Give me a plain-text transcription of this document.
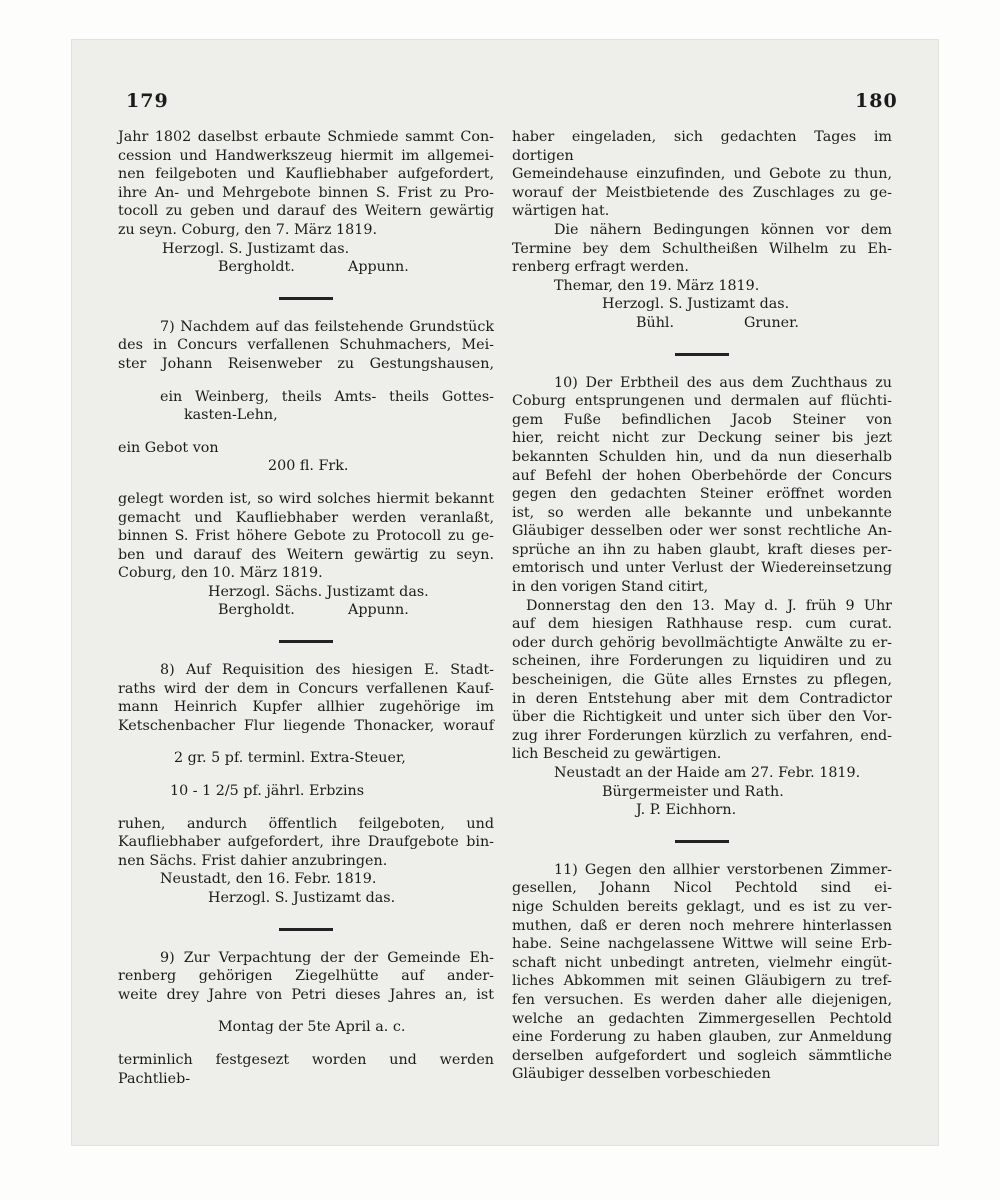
179	180

Jahr 1802 daselbst erbaute Schmiede sammt Con-

cession und Handwerkszeug hiermit im allgemei-

nen feilgeboten und Kaufliebhaber aufgefordert,

ihre An- und Mehrgebote binnen S. Frist zu Pro-

tocoll zu geben und darauf des Weitern gewärtig

zu seyn. Coburg, den 7. März 1819.

Herzogl. S. Justizamt das.

Bergholdt.	Appunn.

7) Nachdem auf das feilstehende Grundstück

des in Concurs verfallenen Schuhmachers, Mei-

ster Johann Reisenweber zu Gestungshausen,

ein Weinberg, theils Amts- theils Gottes-

kasten-Lehn,

ein Gebot von

200 fl. Frk.

gelegt worden ist, so wird solches hiermit bekannt

gemacht und Kaufliebhaber werden veranlaßt,

binnen S. Frist höhere Gebote zu Protocoll zu ge-

ben und darauf des Weitern gewärtig zu seyn.

Coburg, den 10. März 1819.

Herzogl. Sächs. Justizamt das.

Bergholdt.	Appunn.

8) Auf Requisition des hiesigen E. Stadt-

raths wird der dem in Concurs verfallenen Kauf-

mann Heinrich Kupfer allhier zugehörige im

Ketschenbacher Flur liegende Thonacker, worauf

2 gr. 5 pf. terminl. Extra-Steuer,

10 - 1 2/5 pf. jährl. Erbzins

ruhen, andurch öffentlich feilgeboten, und

Kaufliebhaber aufgefordert, ihre Draufgebote bin-

nen Sächs. Frist dahier anzubringen.

Neustadt, den 16. Febr. 1819.

Herzogl. S. Justizamt das.

9) Zur Verpachtung der der Gemeinde Eh-

renberg gehörigen Ziegelhütte auf ander-

weite drey Jahre von Petri dieses Jahres an, ist

Montag der 5te April a. c.

terminlich festgesezt worden und werden Pachtlieb-

haber eingeladen, sich gedachten Tages im dortigen

Gemeindehause einzufinden, und Gebote zu thun,

worauf der Meistbietende des Zuschlages zu ge-

wärtigen hat.

Die nähern Bedingungen können vor dem

Termine bey dem Schultheißen Wilhelm zu Eh-

renberg erfragt werden.

Themar, den 19. März 1819.

Herzogl. S. Justizamt das.

Bühl.	Gruner.

10) Der Erbtheil des aus dem Zuchthaus zu

Coburg entsprungenen und dermalen auf flüchti-

gem Fuße befindlichen Jacob Steiner von

hier, reicht nicht zur Deckung seiner bis jezt

bekannten Schulden hin, und da nun dieserhalb

auf Befehl der hohen Oberbehörde der Concurs

gegen den gedachten Steiner eröffnet worden

ist, so werden alle bekannte und unbekannte

Gläubiger desselben oder wer sonst rechtliche An-

sprüche an ihn zu haben glaubt, kraft dieses per-

emtorisch und unter Verlust der Wiedereinsetzung

in den vorigen Stand citirt,

Donnerstag den den 13. May d. J. früh 9 Uhr

auf dem hiesigen Rathhause resp. cum curat.

oder durch gehörig bevollmächtigte Anwälte zu er-

scheinen, ihre Forderungen zu liquidiren und zu

bescheinigen, die Güte alles Ernstes zu pflegen,

in deren Entstehung aber mit dem Contradictor

über die Richtigkeit und unter sich über den Vor-

zug ihrer Forderungen kürzlich zu verfahren, end-

lich Bescheid zu gewärtigen.

Neustadt an der Haide am 27. Febr. 1819.

Bürgermeister und Rath.

J. P. Eichhorn.

11) Gegen den allhier verstorbenen Zimmer-

gesellen, Johann Nicol Pechtold sind ei-

nige Schulden bereits geklagt, und es ist zu ver-

muthen, daß er deren noch mehrere hinterlassen

habe. Seine nachgelassene Wittwe will seine Erb-

schaft nicht unbedingt antreten, vielmehr eingüt-

liches Abkommen mit seinen Gläubigern zu tref-

fen versuchen. Es werden daher alle diejenigen,

welche an gedachten Zimmergesellen Pechtold

eine Forderung zu haben glauben, zur Anmeldung

derselben aufgefordert und sogleich sämmtliche

Gläubiger desselben vorbeschieden
